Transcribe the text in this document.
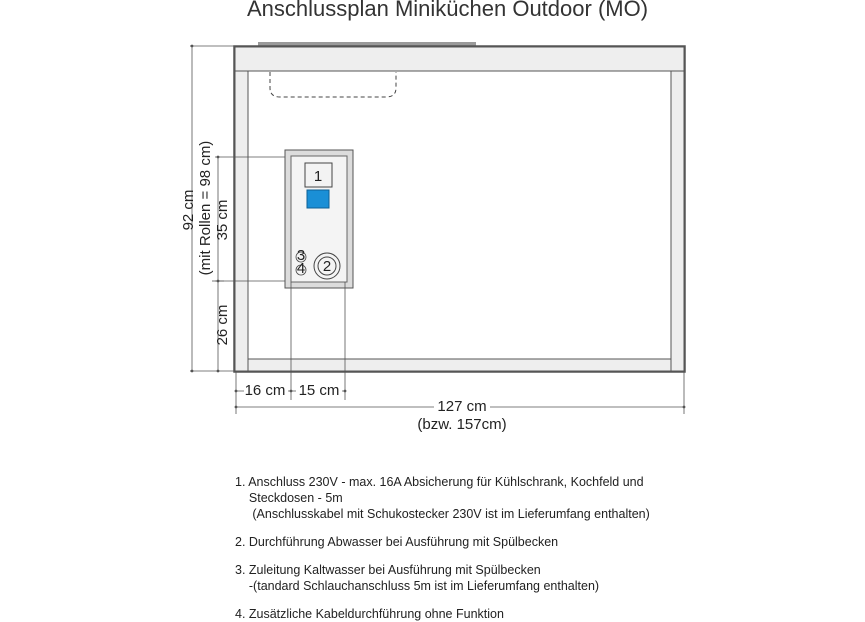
Anschlussplan Miniküchen Outdoor (MO)
1
2
3
4
92 cm (mit Rollen = 98 cm) 35 cm
26 cm
16 cm 15 cm
127 cm
(bzw. 157cm)

1. Anschluss 230V - max. 16A Absicherung für Kühlschrank, Kochfeld und

Steckdosen - 5m

(Anschlusskabel mit Schukostecker 230V ist im Lieferumfang enthalten)

2. Durchführung Abwasser bei Ausführung mit Spülbecken

3. Zuleitung Kaltwasser bei Ausführung mit Spülbecken

-(tandard Schlauchanschluss 5m ist im Lieferumfang enthalten)

4. Zusätzliche Kabeldurchführung ohne Funktion
